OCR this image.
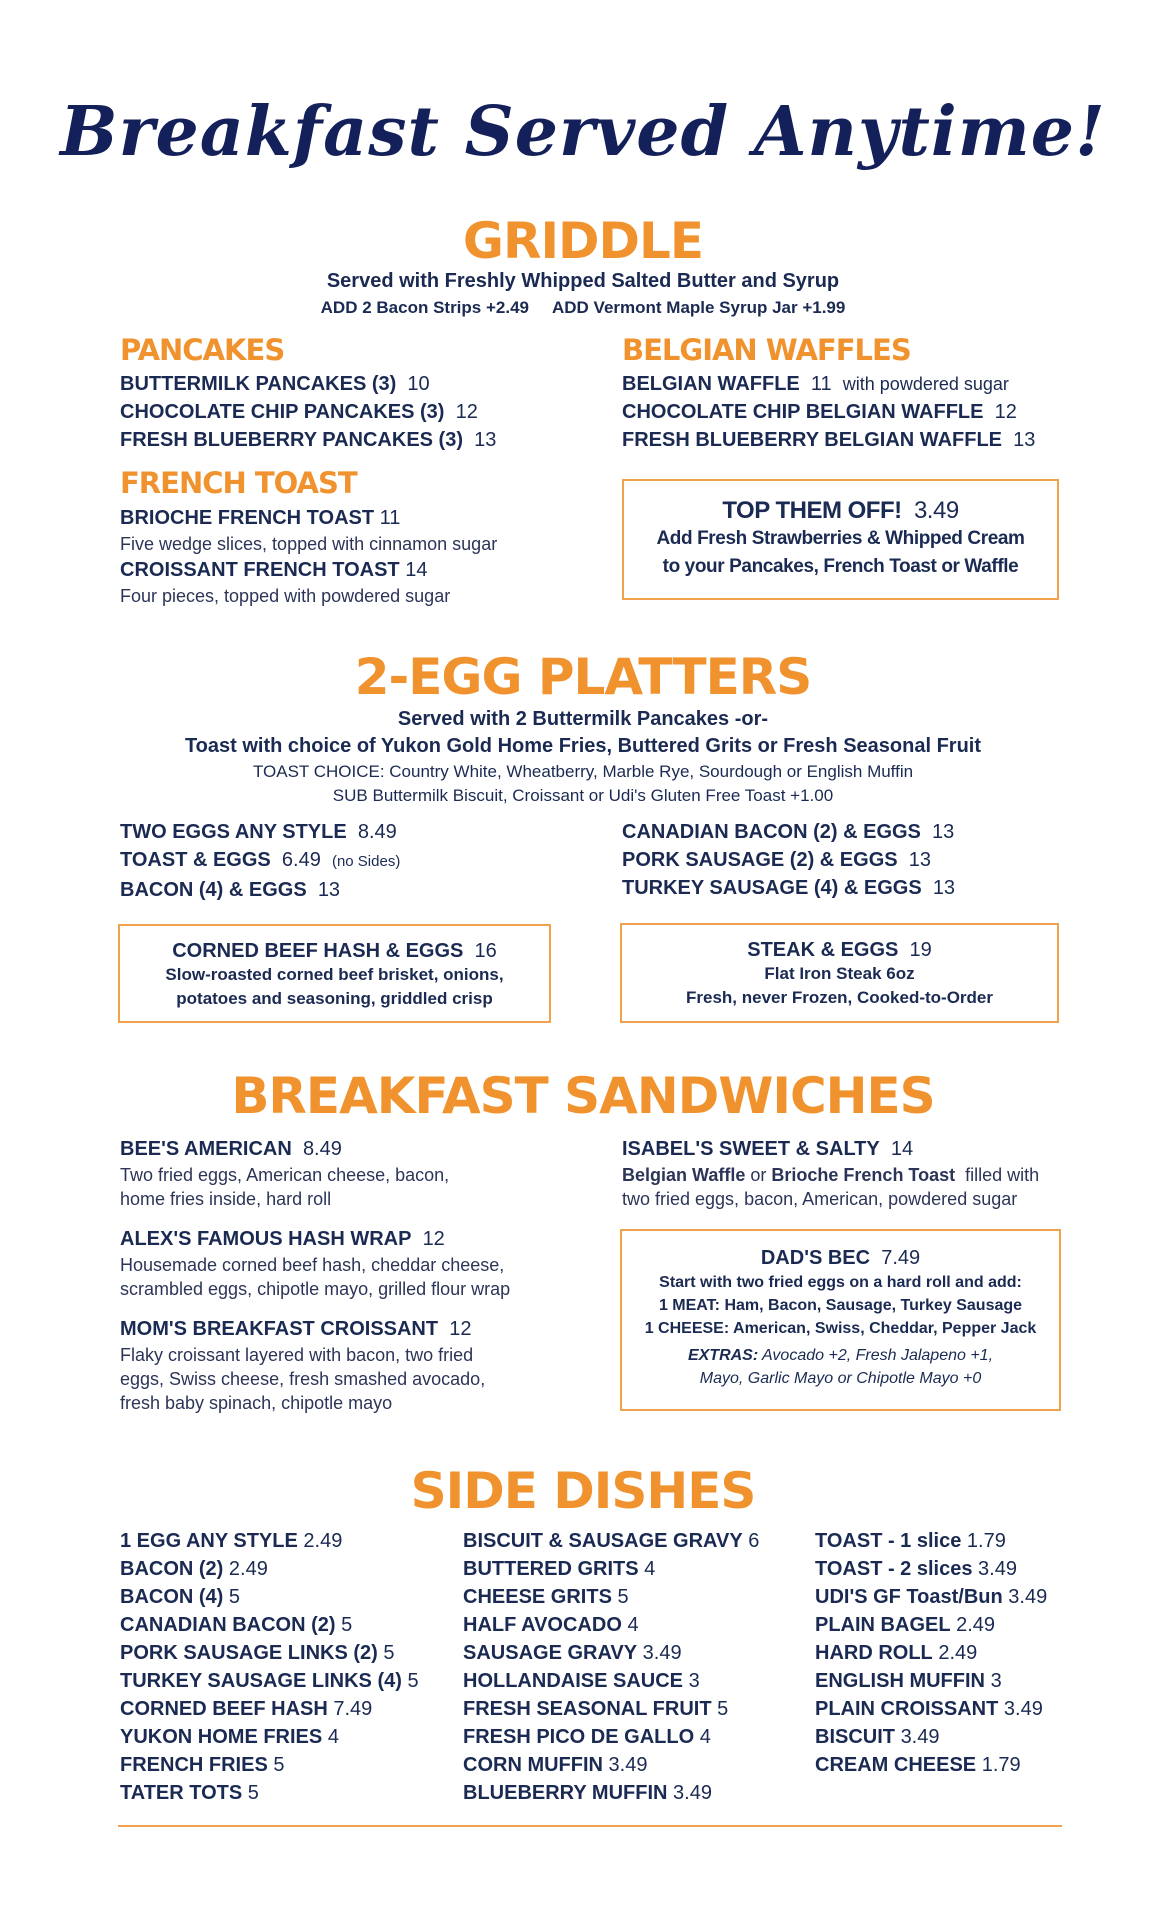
Breakfast Served Anytime!
GRIDDLE
Served with Freshly Whipped Salted Butter and Syrup
ADD 2 Bacon Strips +2.49 ADD Vermont Maple Syrup Jar +1.99
PANCAKES
BUTTERMILK PANCAKES (3) 10
CHOCOLATE CHIP PANCAKES (3) 12
FRESH BLUEBERRY PANCAKES (3) 13
BELGIAN WAFFLES
BELGIAN WAFFLE 11 with powdered sugar
CHOCOLATE CHIP BELGIAN WAFFLE 12
FRESH BLUEBERRY BELGIAN WAFFLE 13
FRENCH TOAST
BRIOCHE FRENCH TOAST 11
Five wedge slices, topped with cinnamon sugar
CROISSANT FRENCH TOAST 14
Four pieces, topped with powdered sugar
TOP THEM OFF! 3.49
Add Fresh Strawberries & Whipped Cream
to your Pancakes, French Toast or Waffle
2-EGG PLATTERS
Served with 2 Buttermilk Pancakes -or-
Toast with choice of Yukon Gold Home Fries, Buttered Grits or Fresh Seasonal Fruit
TOAST CHOICE: Country White, Wheatberry, Marble Rye, Sourdough or English Muffin
SUB Buttermilk Biscuit, Croissant or Udi's Gluten Free Toast +1.00
TWO EGGS ANY STYLE 8.49
TOAST & EGGS 6.49 (no Sides)
BACON (4) & EGGS 13
CANADIAN BACON (2) & EGGS 13
PORK SAUSAGE (2) & EGGS 13
TURKEY SAUSAGE (4) & EGGS 13
CORNED BEEF HASH & EGGS 16
Slow-roasted corned beef brisket, onions,
potatoes and seasoning, griddled crisp
STEAK & EGGS 19
Flat Iron Steak 6oz
Fresh, never Frozen, Cooked-to-Order
BREAKFAST SANDWICHES
BEE'S AMERICAN 8.49
Two fried eggs, American cheese, bacon,
home fries inside, hard roll
ALEX'S FAMOUS HASH WRAP 12
Housemade corned beef hash, cheddar cheese,
scrambled eggs, chipotle mayo, grilled flour wrap
MOM'S BREAKFAST CROISSANT 12
Flaky croissant layered with bacon, two fried
eggs, Swiss cheese, fresh smashed avocado,
fresh baby spinach, chipotle mayo
ISABEL'S SWEET & SALTY 14
Belgian Waffle or Brioche French Toast filled with
two fried eggs, bacon, American, powdered sugar
DAD'S BEC 7.49
Start with two fried eggs on a hard roll and add:
1 MEAT: Ham, Bacon, Sausage, Turkey Sausage
1 CHEESE: American, Swiss, Cheddar, Pepper Jack
EXTRAS: Avocado +2, Fresh Jalapeno +1,
Mayo, Garlic Mayo or Chipotle Mayo +0
SIDE DISHES
1 EGG ANY STYLE 2.49
BACON (2) 2.49
BACON (4) 5
CANADIAN BACON (2) 5
PORK SAUSAGE LINKS (2) 5
TURKEY SAUSAGE LINKS (4) 5
CORNED BEEF HASH 7.49
YUKON HOME FRIES 4
FRENCH FRIES 5
TATER TOTS 5
BISCUIT & SAUSAGE GRAVY 6
BUTTERED GRITS 4
CHEESE GRITS 5
HALF AVOCADO 4
SAUSAGE GRAVY 3.49
HOLLANDAISE SAUCE 3
FRESH SEASONAL FRUIT 5
FRESH PICO DE GALLO 4
CORN MUFFIN 3.49
BLUEBERRY MUFFIN 3.49
TOAST - 1 slice 1.79
TOAST - 2 slices 3.49
UDI'S GF Toast/Bun 3.49
PLAIN BAGEL 2.49
HARD ROLL 2.49
ENGLISH MUFFIN 3
PLAIN CROISSANT 3.49
BISCUIT 3.49
CREAM CHEESE 1.79
